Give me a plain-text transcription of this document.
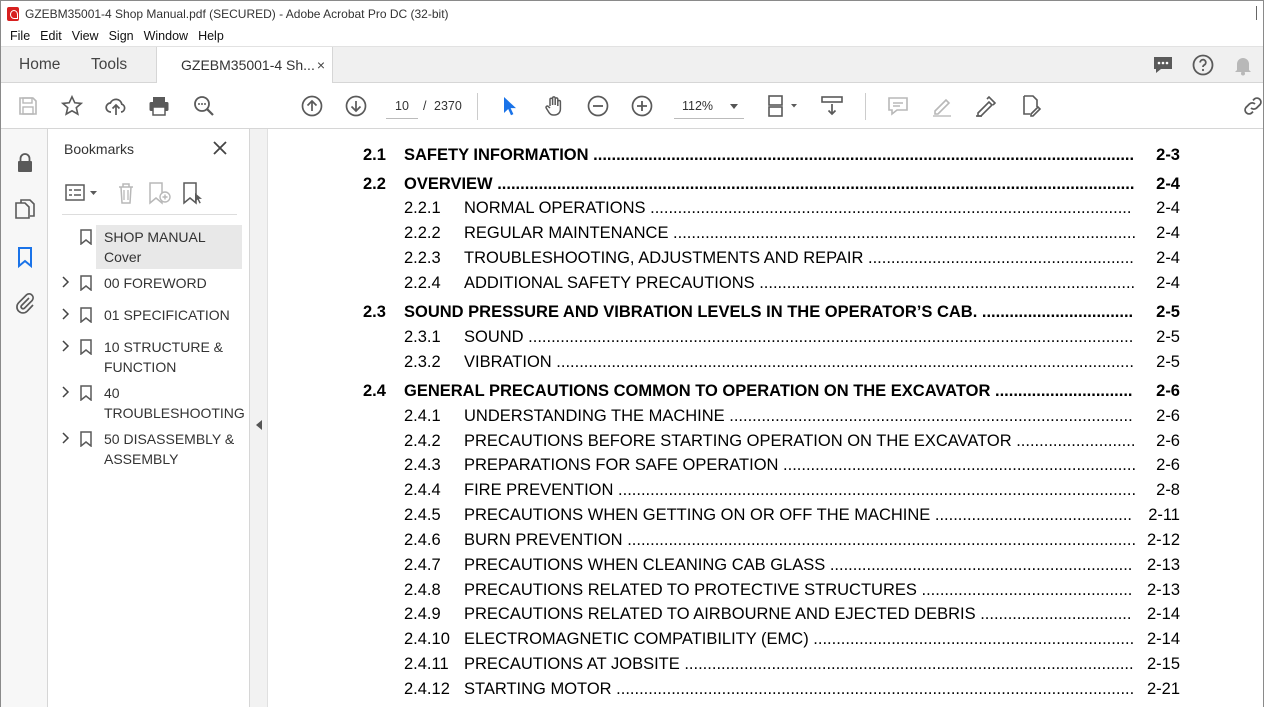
GZEBM35001-4 Shop Manual.pdf (SECURED) - Adobe Acrobat Pro DC (32-bit)
File Edit View Sign Window Help
Home Tools	GZEBM35001-4 Sh... ×
10	/ 2370	112%
Bookmarks
SHOP MANUAL Cover
00 FOREWORD
01 SPECIFICATION
10 STRUCTURE & FUNCTION
40 TROUBLESHOOTING
50 DISASSEMBLY & ASSEMBLY
2.1 SAFETY INFORMATION ......................................................................................................................	2-3
2.2 OVERVIEW ...........................................................................................................................................	2-4
2.2.1 NORMAL OPERATIONS .........................................................................................................	2-4
2.2.2 REGULAR MAINTENANCE .....................................................................................................	2-4
2.2.3 TROUBLESHOOTING, ADJUSTMENTS AND REPAIR ..........................................................	2-4
2.2.4 ADDITIONAL SAFETY PRECAUTIONS ..................................................................................	2-4
2.3 SOUND PRESSURE AND VIBRATION LEVELS IN THE OPERATOR’S CAB. .................................	2-5
2.3.1 SOUND ....................................................................................................................................	2-5
2.3.2 VIBRATION ..............................................................................................................................	2-5
2.4 GENERAL PRECAUTIONS COMMON TO OPERATION ON THE EXCAVATOR ..............................	2-6
2.4.1 UNDERSTANDING THE MACHINE ........................................................................................	2-6
2.4.2 PRECAUTIONS BEFORE STARTING OPERATION ON THE EXCAVATOR ..........................	2-6
2.4.3 PREPARATIONS FOR SAFE OPERATION .............................................................................	2-6
2.4.4 FIRE PREVENTION .................................................................................................................	2-8
2.4.5 PRECAUTIONS WHEN GETTING ON OR OFF THE MACHINE ........................................... 2-11
2.4.6 BURN PREVENTION ............................................................................................................... 2-12
2.4.7 PRECAUTIONS WHEN CLEANING CAB GLASS .................................................................. 2-13
2.4.8 PRECAUTIONS RELATED TO PROTECTIVE STRUCTURES .............................................. 2-13
2.4.9 PRECAUTIONS RELATED TO AIRBOURNE AND EJECTED DEBRIS ................................. 2-14
2.4.10 ELECTROMAGNETIC COMPATIBILITY (EMC) ...................................................................... 2-14
2.4.11 PRECAUTIONS AT JOBSITE .................................................................................................. 2-15
2.4.12 STARTING MOTOR ................................................................................................................. 2-21
